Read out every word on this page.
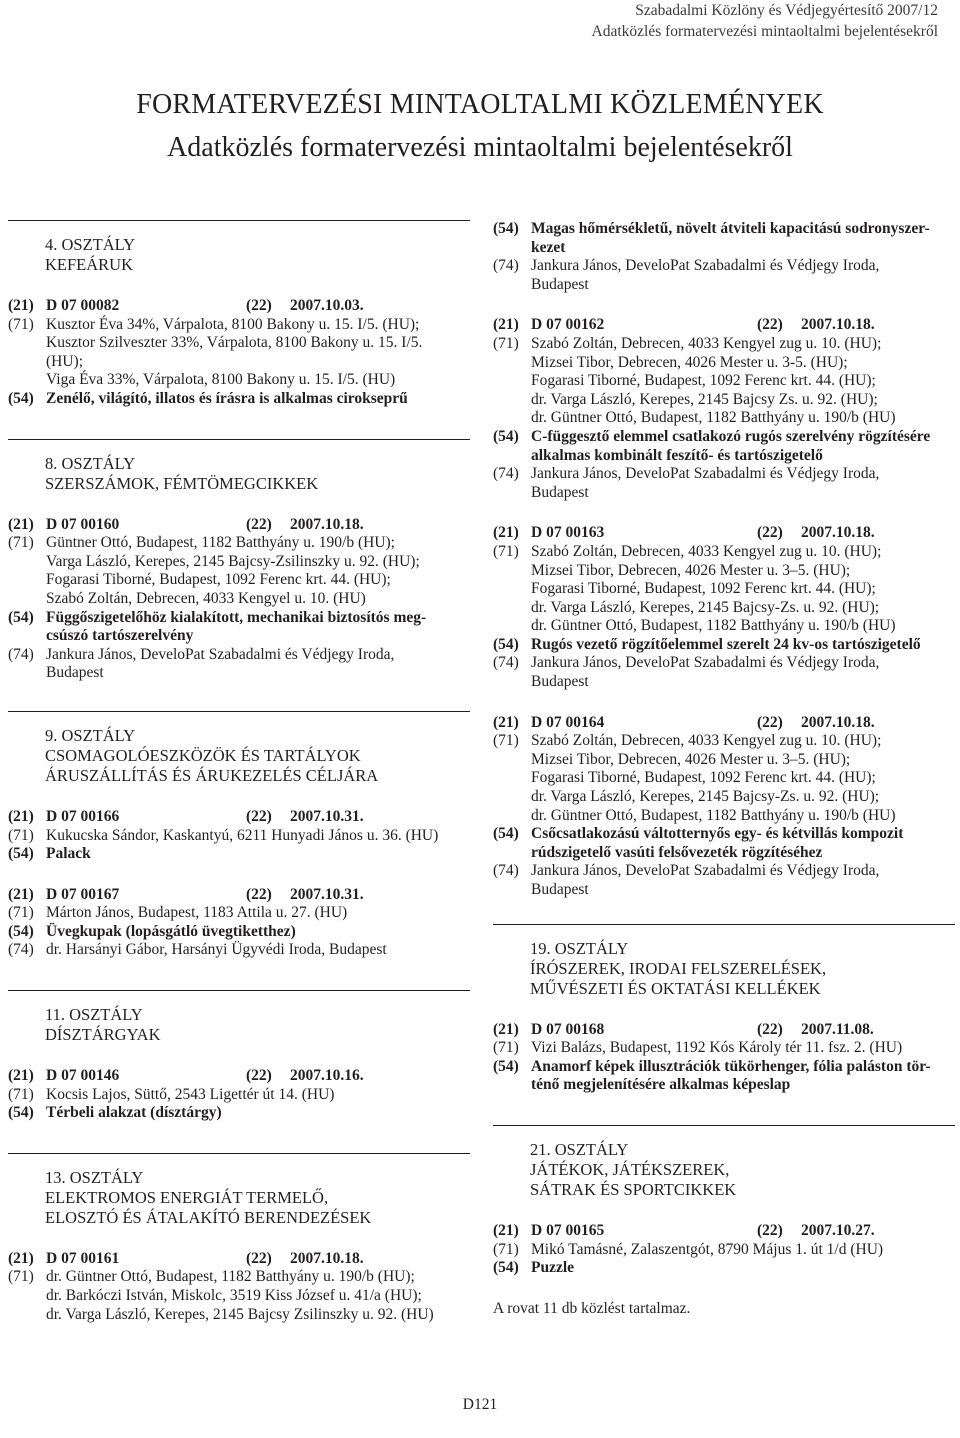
Szabadalmi Közlöny és Védjegyértesítő 2007/12
Adatközlés formatervezési mintaoltalmi bejelentésekről
FORMATERVEZÉSI MINTAOLTALMI KÖZLEMÉNYEK
Adatközlés formatervezési mintaoltalmi bejelentésekről
4. OSZTÁLY
KEFEÁRUK
(21) D 07 00082	(22)	2007.10.03.
(71) Kusztor Éva 34%, Várpalota, 8100 Bakony u. 15. I/5. (HU);
Kusztor Szilveszter 33%, Várpalota, 8100 Bakony u. 15. I/5.
(HU);
Viga Éva 33%, Várpalota, 8100 Bakony u. 15. I/5. (HU)
(54) Zenélő, világító, illatos és írásra is alkalmas cirokseprű
8. OSZTÁLY
SZERSZÁMOK, FÉMTÖMEGCIKKEK
(21) D 07 00160	(22)	2007.10.18.
(71) Güntner Ottó, Budapest, 1182 Batthyány u. 190/b (HU);
Varga László, Kerepes, 2145 Bajcsy-Zsilinszky u. 92. (HU);
Fogarasi Tiborné, Budapest, 1092 Ferenc krt. 44. (HU);
Szabó Zoltán, Debrecen, 4033 Kengyel u. 10. (HU)
(54) Függőszigetelőhöz kialakított, mechanikai biztosítós meg-
csúszó tartószerelvény
(74) Jankura János, DeveloPat Szabadalmi és Védjegy Iroda,
Budapest
9. OSZTÁLY
CSOMAGOLÓESZKÖZÖK ÉS TARTÁLYOK
ÁRUSZÁLLÍTÁS ÉS ÁRUKEZELÉS CÉLJÁRA
(21) D 07 00166	(22)	2007.10.31.
(71) Kukucska Sándor, Kaskantyú, 6211 Hunyadi János u. 36. (HU)
(54) Palack
(21) D 07 00167	(22)	2007.10.31.
(71) Márton János, Budapest, 1183 Attila u. 27. (HU)
(54) Üvegkupak (lopásgátló üvegtiketthez)
(74) dr. Harsányi Gábor, Harsányi Ügyvédi Iroda, Budapest
11. OSZTÁLY
DÍSZTÁRGYAK
(21) D 07 00146	(22)	2007.10.16.
(71) Kocsis Lajos, Süttő, 2543 Ligettér út 14. (HU)
(54) Térbeli alakzat (dísztárgy)
13. OSZTÁLY
ELEKTROMOS ENERGIÁT TERMELŐ,
ELOSZTÓ ÉS ÁTALAKÍTÓ BERENDEZÉSEK
(21) D 07 00161	(22)	2007.10.18.
(71) dr. Güntner Ottó, Budapest, 1182 Batthyány u. 190/b (HU);
dr. Barkóczi István, Miskolc, 3519 Kiss József u. 41/a (HU);
dr. Varga László, Kerepes, 2145 Bajcsy Zsilinszky u. 92. (HU)
(54) Magas hőmérsékletű, növelt átviteli kapacitású sodronyszer-
kezet
(74) Jankura János, DeveloPat Szabadalmi és Védjegy Iroda,
Budapest
(21) D 07 00162	(22)	2007.10.18.
(71) Szabó Zoltán, Debrecen, 4033 Kengyel zug u. 10. (HU);
Mizsei Tibor, Debrecen, 4026 Mester u. 3-5. (HU);
Fogarasi Tiborné, Budapest, 1092 Ferenc krt. 44. (HU);
dr. Varga László, Kerepes, 2145 Bajcsy Zs. u. 92. (HU);
dr. Güntner Ottó, Budapest, 1182 Batthyány u. 190/b (HU)
(54) C-függesztő elemmel csatlakozó rugós szerelvény rögzítésére
alkalmas kombinált feszítő- és tartószigetelő
(74) Jankura János, DeveloPat Szabadalmi és Védjegy Iroda,
Budapest
(21) D 07 00163	(22)	2007.10.18.
(71) Szabó Zoltán, Debrecen, 4033 Kengyel zug u. 10. (HU);
Mizsei Tibor, Debrecen, 4026 Mester u. 3–5. (HU);
Fogarasi Tiborné, Budapest, 1092 Ferenc krt. 44. (HU);
dr. Varga László, Kerepes, 2145 Bajcsy-Zs. u. 92. (HU);
dr. Güntner Ottó, Budapest, 1182 Batthyány u. 190/b (HU)
(54) Rugós vezető rögzítőelemmel szerelt 24 kv-os tartószigetelő
(74) Jankura János, DeveloPat Szabadalmi és Védjegy Iroda,
Budapest
(21) D 07 00164	(22)	2007.10.18.
(71) Szabó Zoltán, Debrecen, 4033 Kengyel zug u. 10. (HU);
Mizsei Tibor, Debrecen, 4026 Mester u. 3–5. (HU);
Fogarasi Tiborné, Budapest, 1092 Ferenc krt. 44. (HU);
dr. Varga László, Kerepes, 2145 Bajcsy-Zs. u. 92. (HU);
dr. Güntner Ottó, Budapest, 1182 Batthyány u. 190/b (HU)
(54) Csőcsatlakozású váltotternyős egy- és kétvillás kompozit
rúdszigetelő vasúti felsővezeték rögzítéséhez
(74) Jankura János, DeveloPat Szabadalmi és Védjegy Iroda,
Budapest
19. OSZTÁLY
ÍRÓSZEREK, IRODAI FELSZERELÉSEK,
MŰVÉSZETI ÉS OKTATÁSI KELLÉKEK
(21) D 07 00168	(22)	2007.11.08.
(71) Vizi Balázs, Budapest, 1192 Kós Károly tér 11. fsz. 2. (HU)
(54) Anamorf képek illusztrációk tükörhenger, fólia paláston tör-
ténő megjelenítésére alkalmas képeslap
21. OSZTÁLY
JÁTÉKOK, JÁTÉKSZEREK,
SÁTRAK ÉS SPORTCIKKEK
(21) D 07 00165	(22)	2007.10.27.
(71) Mikó Tamásné, Zalaszentgót, 8790 Május 1. út 1/d (HU)
(54) Puzzle
A rovat 11 db közlést tartalmaz.
D121
